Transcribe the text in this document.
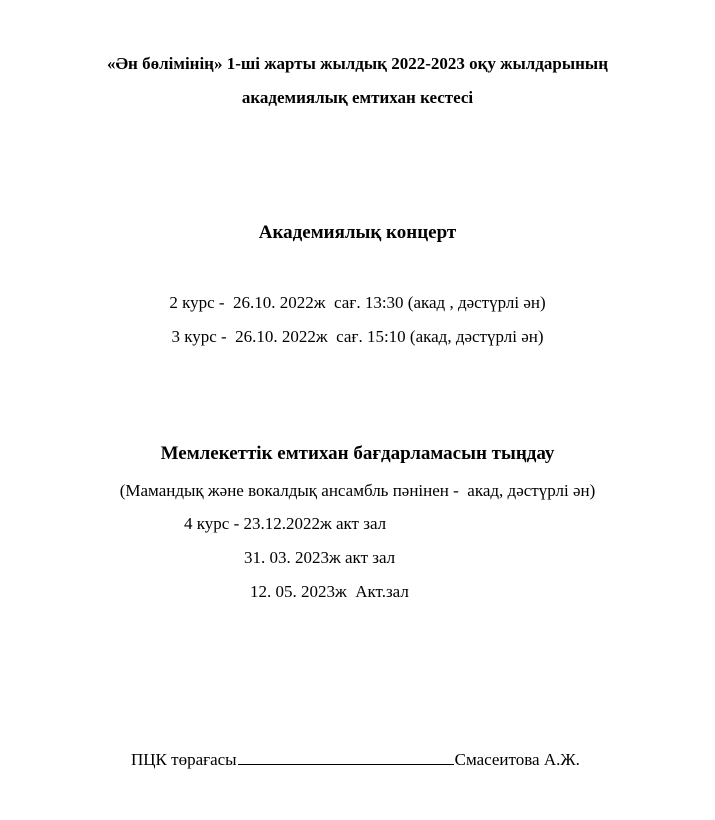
«Ән бөлімінің» 1-ші жарты жылдық 2022-2023 оқу жылдарының
академиялық емтихан кестесі
Академиялық концерт
2 курс -  26.10. 2022ж  сағ. 13:30 (акад , дәстүрлі ән)
3 курс -  26.10. 2022ж  сағ. 15:10 (акад, дәстүрлі ән)
Мемлекеттік емтихан бағдарламасын тыңдау
(Мамандық және вокалдық ансамбль пәнінен -  акад, дәстүрлі ән)
4 курс - 23.12.2022ж акт зал
31. 03. 2023ж акт зал
12. 05. 2023ж  Акт.зал
ПЦК төрағасы	Смасеитова А.Ж.
